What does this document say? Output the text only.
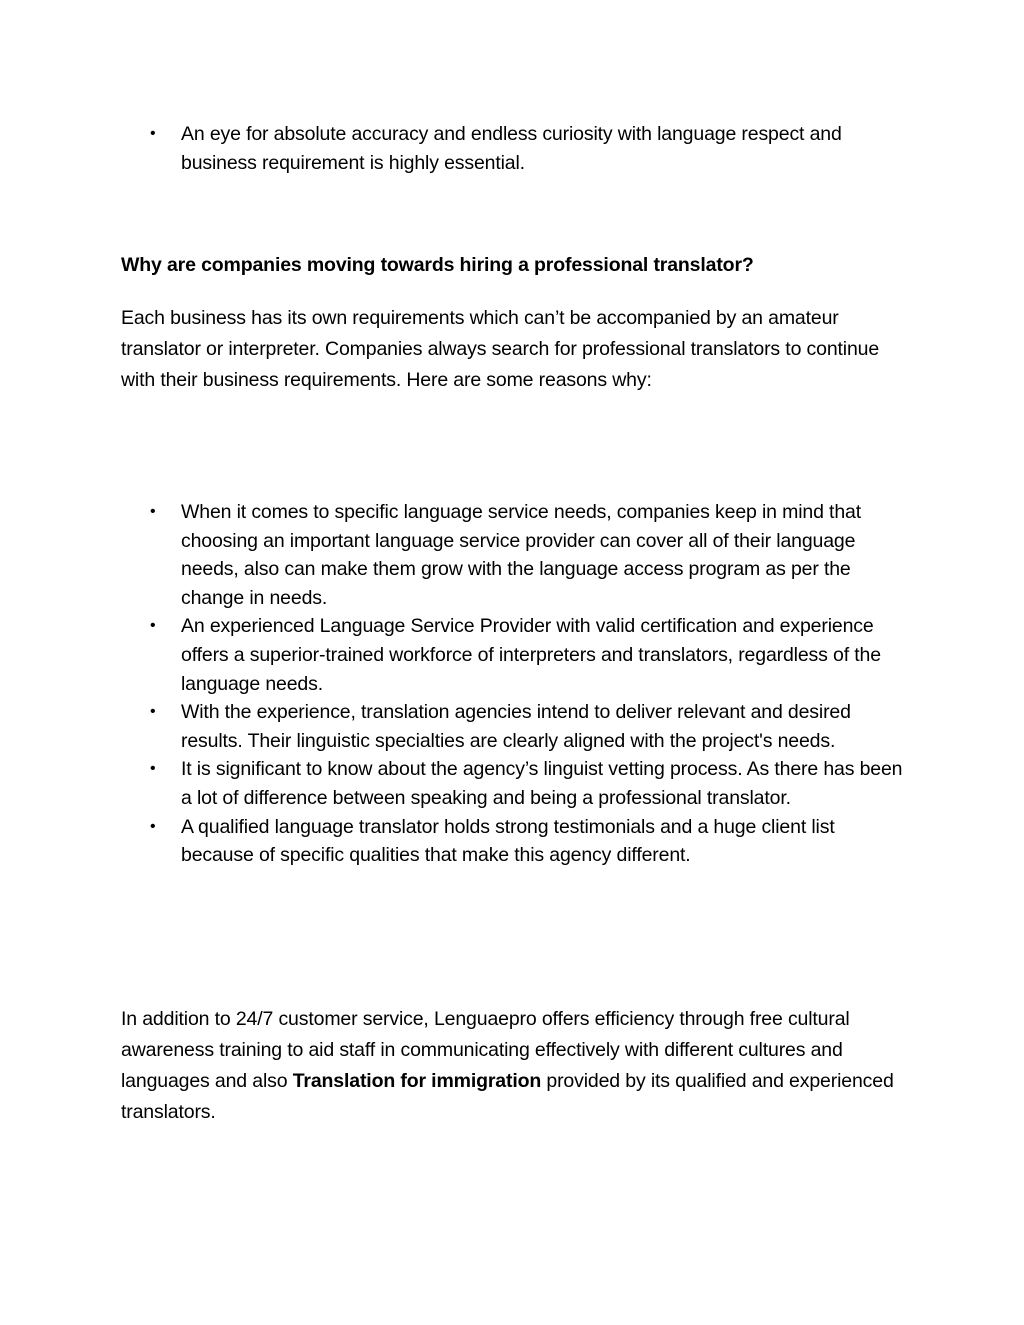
•	An eye for absolute accuracy and endless curiosity with language respect and business requirement is highly essential.
Why are companies moving towards hiring a professional translator?

Each business has its own requirements which can’t be accompanied by an amateur translator or interpreter. Companies always search for professional translators to continue with their business requirements. Here are some reasons why:

•	When it comes to specific language service needs, companies keep in mind that choosing an important language service provider can cover all of their language needs, also can make them grow with the language access program as per the change in needs.
•	An experienced Language Service Provider with valid certification and experience offers a superior-trained workforce of interpreters and translators, regardless of the language needs.
•	With the experience, translation agencies intend to deliver relevant and desired results. Their linguistic specialties are clearly aligned with the project's needs.
•	It is significant to know about the agency’s linguist vetting process. As there has been a lot of difference between speaking and being a professional translator.
•	A qualified language translator holds strong testimonials and a huge client list because of specific qualities that make this agency different.

In addition to 24/7 customer service, Lenguaepro offers efficiency through free cultural awareness training to aid staff in communicating effectively with different cultures and languages and also Translation for immigration provided by its qualified and experienced translators.
